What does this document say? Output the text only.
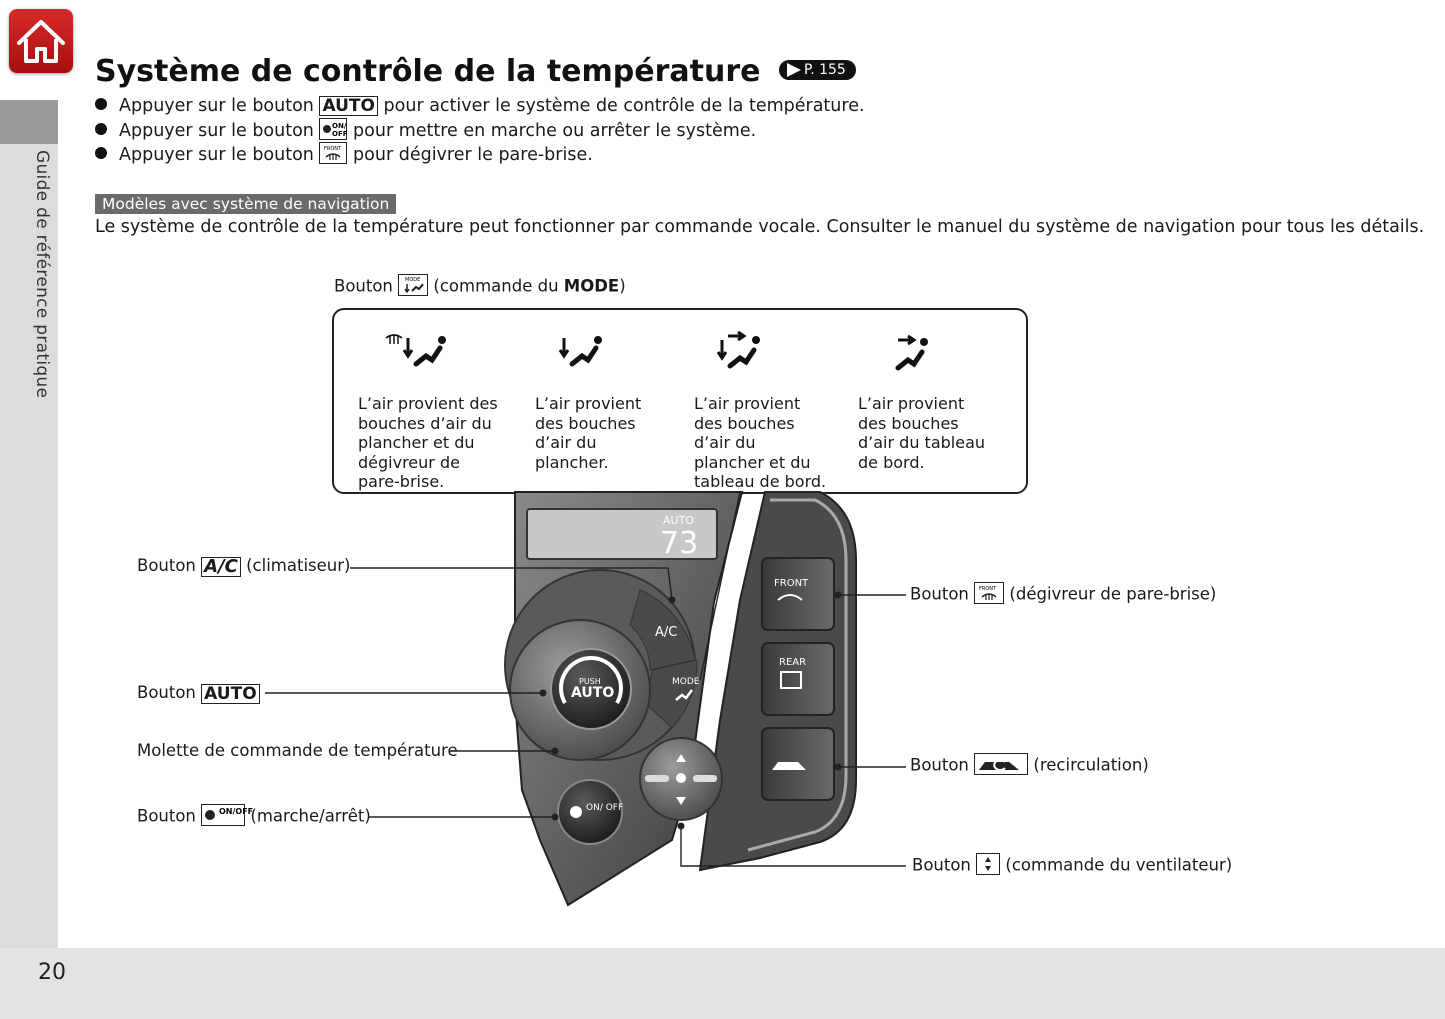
Guide de référence pratique
Système de contrôle de la température	P. 155
Appuyer sur le bouton AUTO pour activer le système de contrôle de la température.
Appuyer sur le bouton	ON/
OFF pour mettre en marche ou arrêter le système.
Appuyer sur le bouton FRONT pour dégivrer le pare-brise.
Modèles avec système de navigation
Le système de contrôle de la température peut fonctionner par commande vocale. Consulter le manuel du système de navigation pour tous les détails.
Bouton MODE (commande du MODE)
L’air provient des
bouches d’air du
plancher et du
dégivreur de
pare-brise.
L’air provient
des bouches
d’air du
plancher.
L’air provient
des bouches
d’air du
plancher et du
tableau de bord.
L’air provient
des bouches
d’air du tableau
de bord.
AUTO
73
A/C
MODE
PUSH
AUTO
ON/ OFF
FRONT
REAR
Bouton A/C (climatiseur)
Bouton AUTO
Molette de commande de température
Bouton	ON/OFF
(marche/arrêt)
Bouton FRONT (dégivreur de pare-brise)
Bouton	(recirculation)
Bouton (commande du ventilateur)
20
